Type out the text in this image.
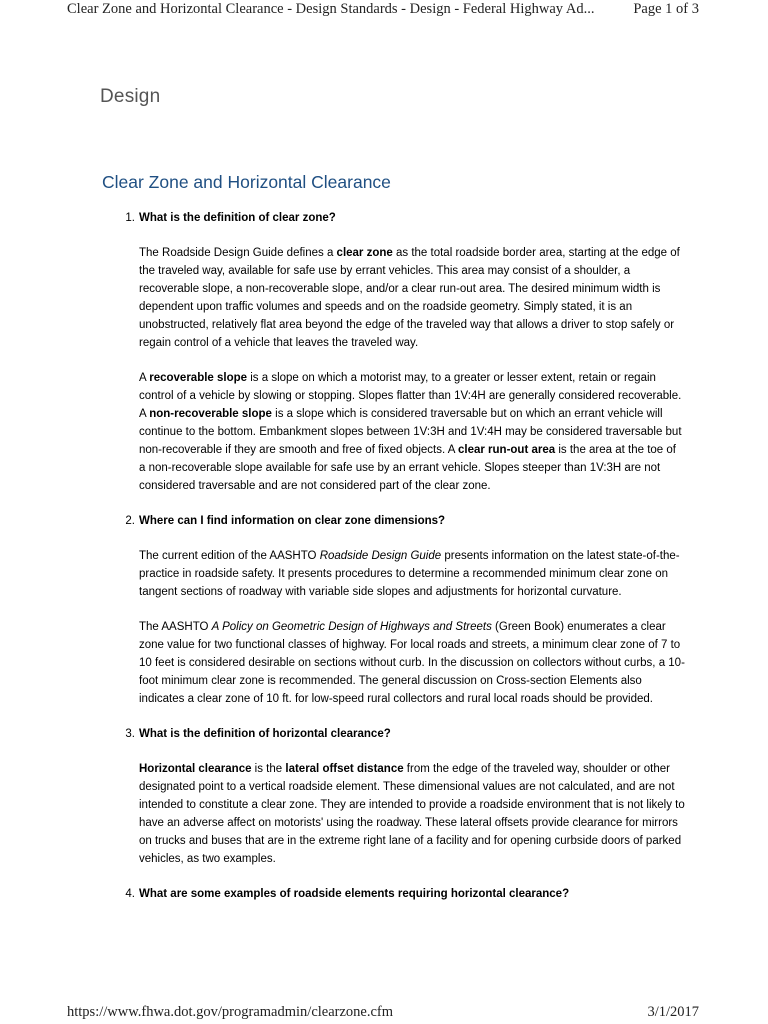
Clear Zone and Horizontal Clearance - Design Standards - Design - Federal Highway Ad...	Page 1 of 3
Design
Clear Zone and Horizontal Clearance
1. What is the definition of clear zone?
The Roadside Design Guide defines a clear zone as the total roadside border area, starting at the edge of the traveled way, available for safe use by errant vehicles. This area may consist of a shoulder, a recoverable slope, a non-recoverable slope, and/or a clear run-out area. The desired minimum width is dependent upon traffic volumes and speeds and on the roadside geometry. Simply stated, it is an unobstructed, relatively flat area beyond the edge of the traveled way that allows a driver to stop safely or regain control of a vehicle that leaves the traveled way.
A recoverable slope is a slope on which a motorist may, to a greater or lesser extent, retain or regain control of a vehicle by slowing or stopping. Slopes flatter than 1V:4H are generally considered recoverable. A non-recoverable slope is a slope which is considered traversable but on which an errant vehicle will continue to the bottom. Embankment slopes between 1V:3H and 1V:4H may be considered traversable but non-recoverable if they are smooth and free of fixed objects. A clear run-out area is the area at the toe of a non-recoverable slope available for safe use by an errant vehicle. Slopes steeper than 1V:3H are not considered traversable and are not considered part of the clear zone.
2. Where can I find information on clear zone dimensions?
The current edition of the AASHTO Roadside Design Guide presents information on the latest state-of-the-practice in roadside safety. It presents procedures to determine a recommended minimum clear zone on tangent sections of roadway with variable side slopes and adjustments for horizontal curvature.
The AASHTO A Policy on Geometric Design of Highways and Streets (Green Book) enumerates a clear zone value for two functional classes of highway. For local roads and streets, a minimum clear zone of 7 to 10 feet is considered desirable on sections without curb. In the discussion on collectors without curbs, a 10-foot minimum clear zone is recommended. The general discussion on Cross-section Elements also indicates a clear zone of 10 ft. for low-speed rural collectors and rural local roads should be provided.
3. What is the definition of horizontal clearance?
Horizontal clearance is the lateral offset distance from the edge of the traveled way, shoulder or other designated point to a vertical roadside element. These dimensional values are not calculated, and are not intended to constitute a clear zone. They are intended to provide a roadside environment that is not likely to have an adverse affect on motorists' using the roadway. These lateral offsets provide clearance for mirrors on trucks and buses that are in the extreme right lane of a facility and for opening curbside doors of parked vehicles, as two examples.
4. What are some examples of roadside elements requiring horizontal clearance?
https://www.fhwa.dot.gov/programadmin/clearzone.cfm	3/1/2017
